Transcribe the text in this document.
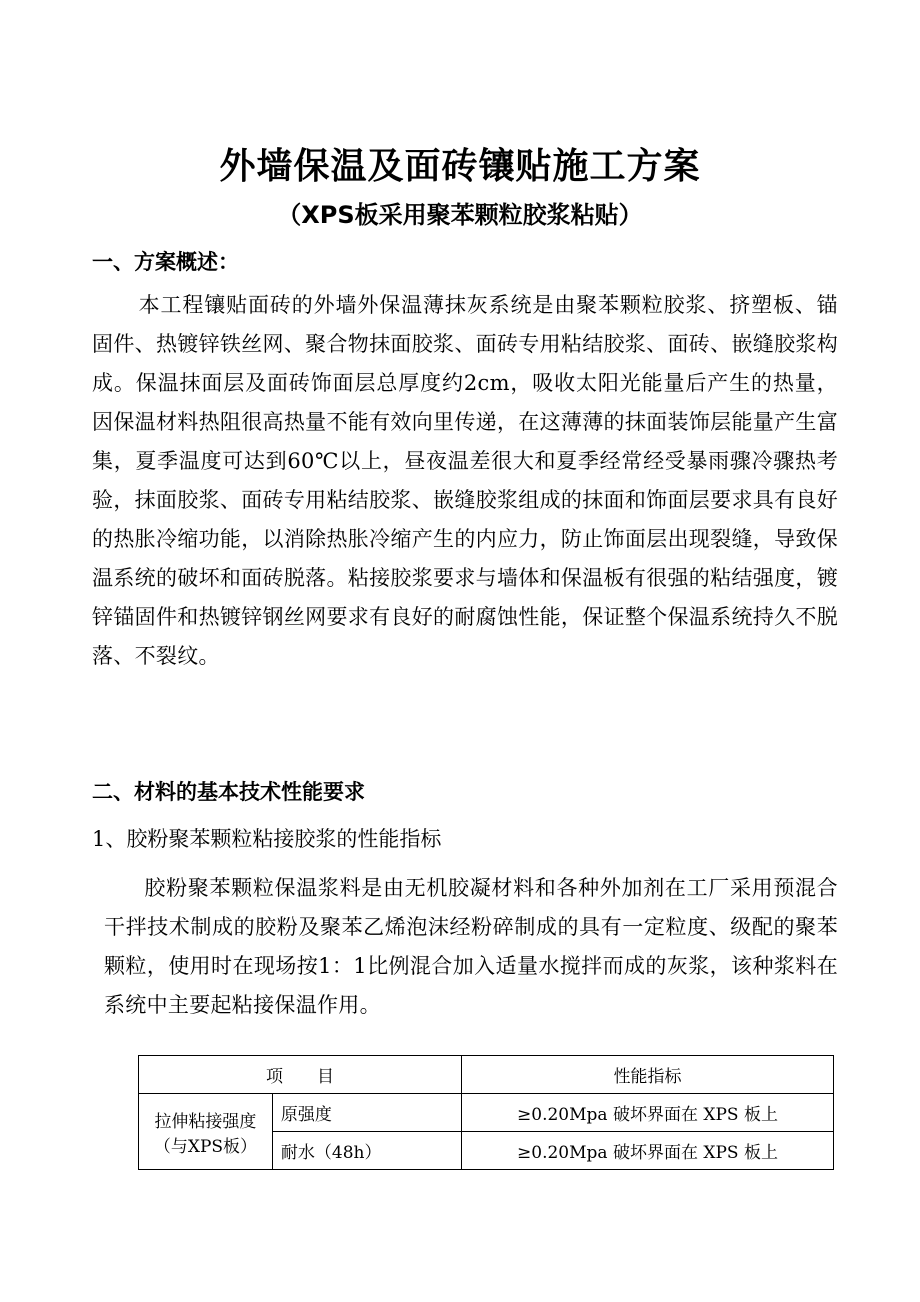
外墙保温及面砖镶贴施工方案
（XPS板采用聚苯颗粒胶浆粘贴）
一、方案概述：
本工程镶贴面砖的外墙外保温薄抹灰系统是由聚苯颗粒胶浆、挤塑板、锚固件、热镀锌铁丝网、聚合物抹面胶浆、面砖专用粘结胶浆、面砖、嵌缝胶浆构成。保温抹面层及面砖饰面层总厚度约2cm，吸收太阳光能量后产生的热量，因保温材料热阻很高热量不能有效向里传递，在这薄薄的抹面装饰层能量产生富集，夏季温度可达到60℃以上，昼夜温差很大和夏季经常经受暴雨骤冷骤热考验，抹面胶浆、面砖专用粘结胶浆、嵌缝胶浆组成的抹面和饰面层要求具有良好的热胀冷缩功能，以消除热胀冷缩产生的内应力，防止饰面层出现裂缝，导致保温系统的破坏和面砖脱落。粘接胶浆要求与墙体和保温板有很强的粘结强度，镀锌锚固件和热镀锌钢丝网要求有良好的耐腐蚀性能，保证整个保温系统持久不脱落、不裂纹。
二、材料的基本技术性能要求
1、胶粉聚苯颗粒粘接胶浆的性能指标
胶粉聚苯颗粒保温浆料是由无机胶凝材料和各种外加剂在工厂采用预混合干拌技术制成的胶粉及聚苯乙烯泡沫经粉碎制成的具有一定粒度、级配的聚苯颗粒，使用时在现场按1：1比例混合加入适量水搅拌而成的灰浆，该种浆料在系统中主要起粘接保温作用。
项　　目		性能指标
拉伸粘接强度（与XPS板）	原强度	≥0.20Mpa 破坏界面在 XPS 板上
	耐水（48h）	≥0.20Mpa 破坏界面在 XPS 板上
